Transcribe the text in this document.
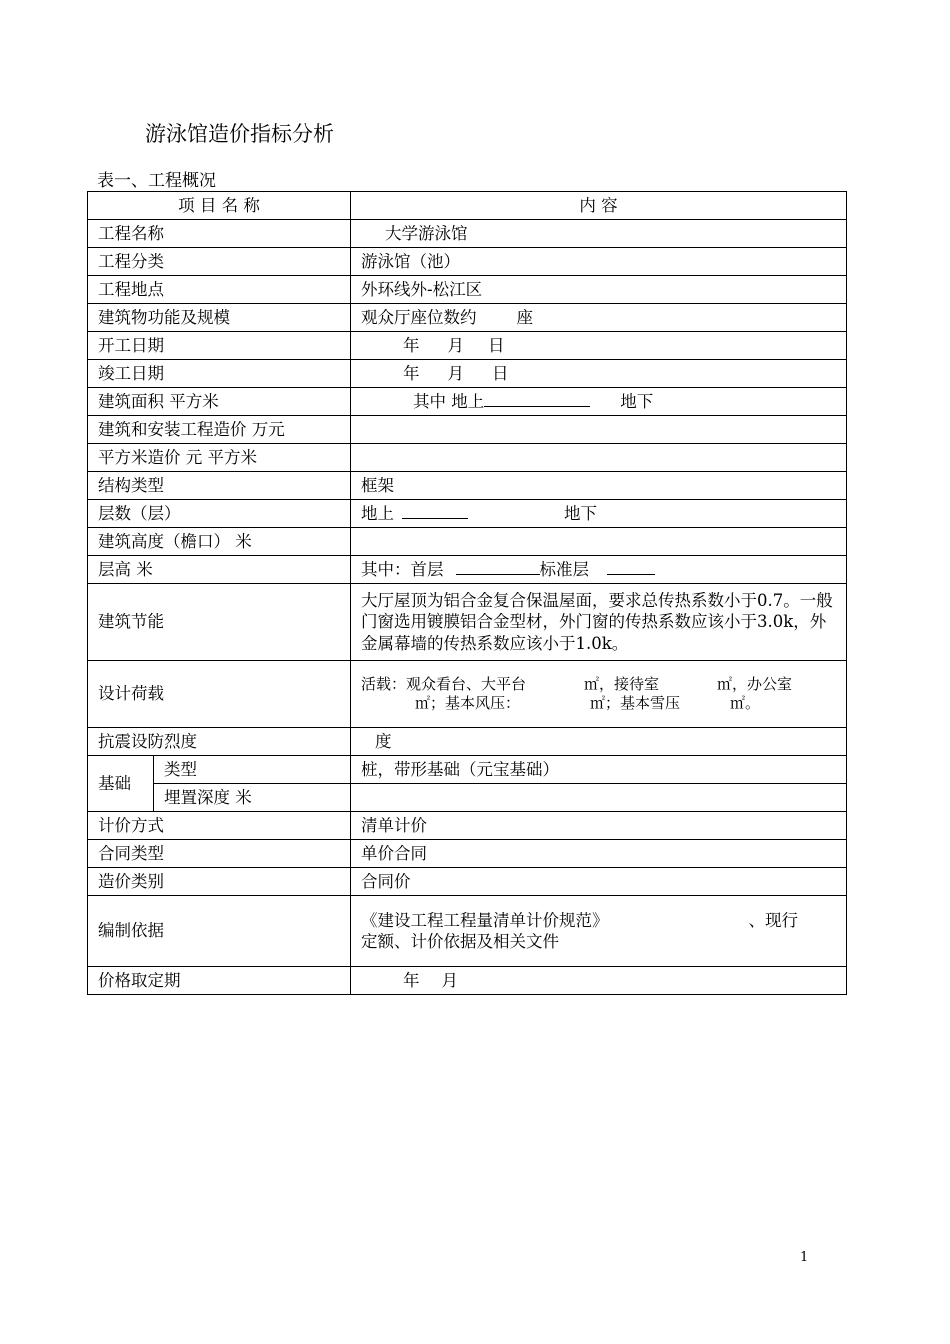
游泳馆造价指标分析
表一、工程概况
项 目 名 称		内 容
工程名称		大学游泳馆
工程分类		游泳馆（池）
工程地点		外环线外-松江区
建筑物功能及规模		观众厅座位数约 座
开工日期		年 月 日
竣工日期		年 月 日
建筑面积 平方米		其中 地上 地下
建筑和安装工程造价 万元		
平方米造价 元 平方米		
结构类型		框架
层数（层）		地上 地下
建筑高度（檐口） 米		
层高 米		其中：首层 标准层
建筑节能		大厅屋顶为铝合金复合保温屋面，要求总传热系数小于0.7。一般门窗选用镀膜铝合金型材，外门窗的传热系数应该小于3.0k，外金属幕墙的传热系数应该小于1.0k。
设计荷载		活载：观众看台、大平台 ㎡，接待室 ㎡，办公室
㎡；基本风压： ㎡；基本雪压 ㎡。
抗震设防烈度		度
基础	类型	桩，带形基础（元宝基础）
	埋置深度 米	
计价方式		清单计价
合同类型		单价合同
造价类别		合同价
编制依据		《建设工程工程量清单计价规范》 、现行
定额、计价依据及相关文件
价格取定期		年 月
1
